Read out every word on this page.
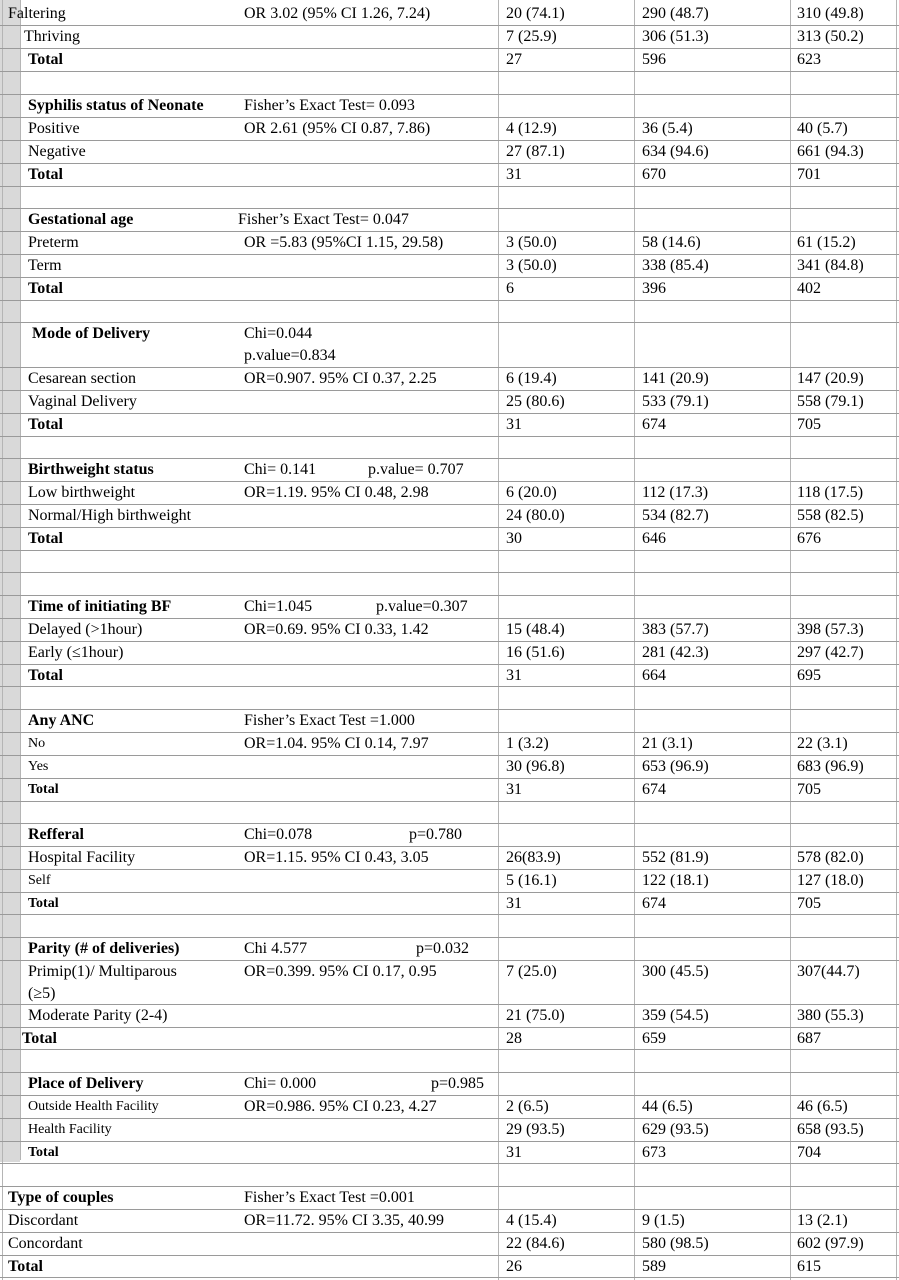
Faltering	OR 3.02 (95% CI 1.26, 7.24)	20 (74.1)	290 (48.7)	310 (49.8)
Thriving	7 (25.9)	306 (51.3)	313 (50.2)
Total	27	596	623
Syphilis status of Neonate	Fisher’s Exact Test= 0.093
Positive	OR 2.61 (95% CI 0.87, 7.86)	4 (12.9)	36 (5.4)	40 (5.7)
Negative	27 (87.1)	634 (94.6)	661 (94.3)
Total	31	670	701
Gestational age	Fisher’s Exact Test= 0.047
Preterm	OR =5.83 (95%CI 1.15, 29.58)	3 (50.0)	58 (14.6)	61 (15.2)
Term	3 (50.0)	338 (85.4)	341 (84.8)
Total	6	396	402
Mode of Delivery	Chi=0.044
p.value=0.834
Cesarean section	OR=0.907. 95% CI 0.37, 2.25	6 (19.4)	141 (20.9)	147 (20.9)
Vaginal Delivery	25 (80.6)	533 (79.1)	558 (79.1)
Total	31	674	705
Birthweight status	Chi= 0.141	p.value= 0.707
Low birthweight	OR=1.19. 95% CI 0.48, 2.98	6 (20.0)	112 (17.3)	118 (17.5)
Normal/High birthweight	24 (80.0)	534 (82.7)	558 (82.5)
Total	30	646	676
Time of initiating BF	Chi=1.045	p.value=0.307
Delayed (>1hour)	OR=0.69. 95% CI 0.33, 1.42	15 (48.4)	383 (57.7)	398 (57.3)
Early (≤1hour)	16 (51.6)	281 (42.3)	297 (42.7)
Total	31	664	695
Any ANC	Fisher’s Exact Test =1.000
No	OR=1.04. 95% CI 0.14, 7.97	1 (3.2)	21 (3.1)	22 (3.1)
Yes	30 (96.8)	653 (96.9)	683 (96.9)
Total	31	674	705
Refferal	Chi=0.078	p=0.780
Hospital Facility	OR=1.15. 95% CI 0.43, 3.05	26(83.9)	552 (81.9)	578 (82.0)
Self	5 (16.1)	122 (18.1)	127 (18.0)
Total	31	674	705
Parity (# of deliveries)	Chi 4.577	p=0.032
Primip(1)/ Multiparous
(≥5)
OR=0.399. 95% CI 0.17, 0.95	7 (25.0)	300 (45.5)	307(44.7)
Moderate Parity (2-4)	21 (75.0)	359 (54.5)	380 (55.3)
Total	28	659	687
Place of Delivery	Chi= 0.000	p=0.985
Outside Health Facility	OR=0.986. 95% CI 0.23, 4.27	2 (6.5)	44 (6.5)	46 (6.5)
Health Facility	29 (93.5)	629 (93.5)	658 (93.5)
Total	31	673	704
Type of couples	Fisher’s Exact Test =0.001
Discordant	OR=11.72. 95% CI 3.35, 40.99	4 (15.4)	9 (1.5)	13 (2.1)
Concordant	22 (84.6)	580 (98.5)	602 (97.9)
Total	26	589	615
